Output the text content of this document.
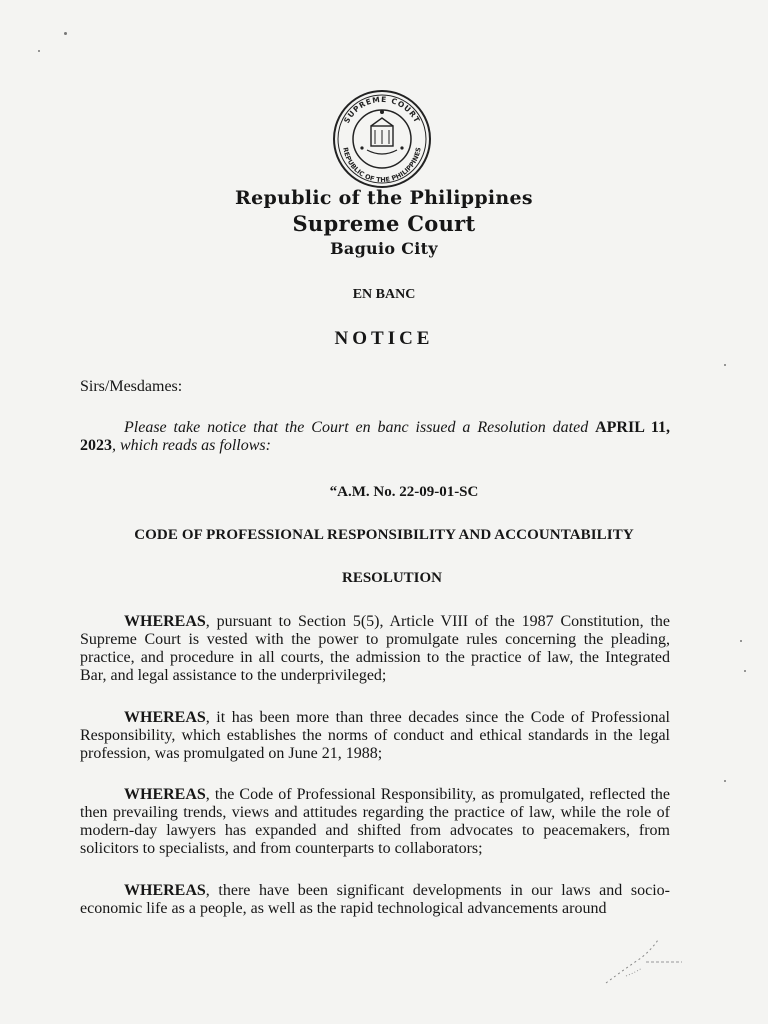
SUPREME COURT
REPUBLIC OF THE PHILIPPINES
Republic of the Philippines
Supreme Court
Baguio City
EN BANC
NOTICE
Sirs/Mesdames:
Please take notice that the Court en banc issued a Resolution dated APRIL 11, 2023, which reads as follows:
“A.M. No. 22-09-01-SC
CODE OF PROFESSIONAL RESPONSIBILITY AND ACCOUNTABILITY
RESOLUTION
WHEREAS, pursuant to Section 5(5), Article VIII of the 1987 Constitution, the Supreme Court is vested with the power to promulgate rules concerning the pleading, practice, and procedure in all courts, the admission to the practice of law, the Integrated Bar, and legal assistance to the underprivileged;
WHEREAS, it has been more than three decades since the Code of Professional Responsibility, which establishes the norms of conduct and ethical standards in the legal profession, was promulgated on June 21, 1988;
WHEREAS, the Code of Professional Responsibility, as promulgated, reflected the then prevailing trends, views and attitudes regarding the practice of law, while the role of modern-day lawyers has expanded and shifted from advocates to peacemakers, from solicitors to specialists, and from counterparts to collaborators;
WHEREAS, there have been significant developments in our laws and socio-economic life as a people, as well as the rapid technological advancements around
